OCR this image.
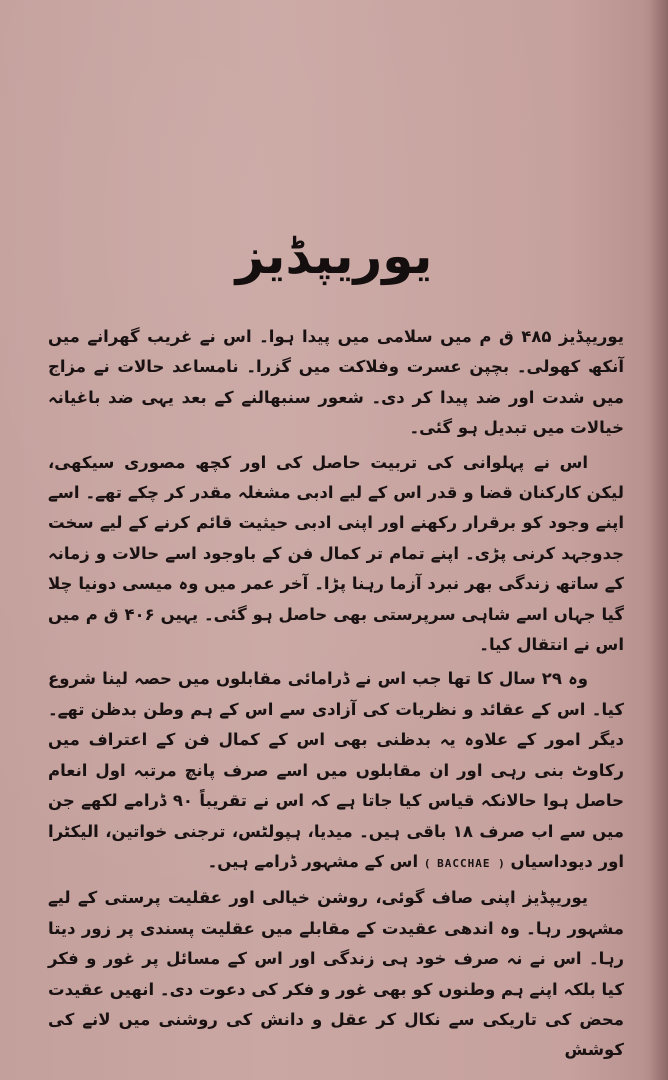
یوریپڈیز

یوریپڈیز ۴۸۵ ق م میں سلامی میں پیدا ہوا۔ اس نے غریب گھرانے میں آنکھ کھولی۔ بچپن عسرت وفلاکت میں گزرا۔ نامساعد حالات نے مزاج میں شدت اور ضد پیدا کر دی۔ شعور سنبھالنے کے بعد یہی ضد باغیانہ خیالات میں تبدیل ہو گئی۔

اس نے پہلوانی کی تربیت حاصل کی اور کچھ مصوری سیکھی، لیکن کارکنان قضا و قدر اس کے لیے ادبی مشغلہ مقدر کر چکے تھے۔ اسے اپنے وجود کو برقرار رکھنے اور اپنی ادبی حیثیت قائم کرنے کے لیے سخت جدوجہد کرنی پڑی۔ اپنے تمام تر کمال فن کے باوجود اسے حالات و زمانہ کے ساتھ زندگی بھر نبرد آزما رہنا پڑا۔ آخر عمر میں وہ میسی دونیا چلا گیا جہاں اسے شاہی سرپرستی بھی حاصل ہو گئی۔ یہیں ۴۰۶ ق م میں اس نے انتقال کیا۔

وہ ۲۹ سال کا تھا جب اس نے ڈرامائی مقابلوں میں حصہ لینا شروع کیا۔ اس کے عقائد و نظریات کی آزادی سے اس کے ہم وطن بدظن تھے۔ دیگر امور کے علاوہ یہ بدظنی بھی اس کے کمال فن کے اعتراف میں رکاوٹ بنی رہی اور ان مقابلوں میں اسے صرف پانچ مرتبہ اول انعام حاصل ہوا حالانکہ قیاس کیا جاتا ہے کہ اس نے تقریباً ۹۰ ڈرامے لکھے جن میں سے اب صرف ۱۸ باقی ہیں۔ میدیا، ہپولٹس، ترجنی خواتین، الیکٹرا اور دیوداسیاں ( BACCHAE ) اس کے مشہور ڈرامے ہیں۔

یوریپڈیز اپنی صاف گوئی، روشن خیالی اور عقلیت پرستی کے لیے مشہور رہا۔ وہ اندھی عقیدت کے مقابلے میں عقلیت پسندی پر زور دیتا رہا۔ اس نے نہ صرف خود ہی زندگی اور اس کے مسائل پر غور و فکر کیا بلکہ اپنے ہم وطنوں کو بھی غور و فکر کی دعوت دی۔ انھیں عقیدت محض کی تاریکی سے نکال کر عقل و دانش کی روشنی میں لانے کی کوشش
